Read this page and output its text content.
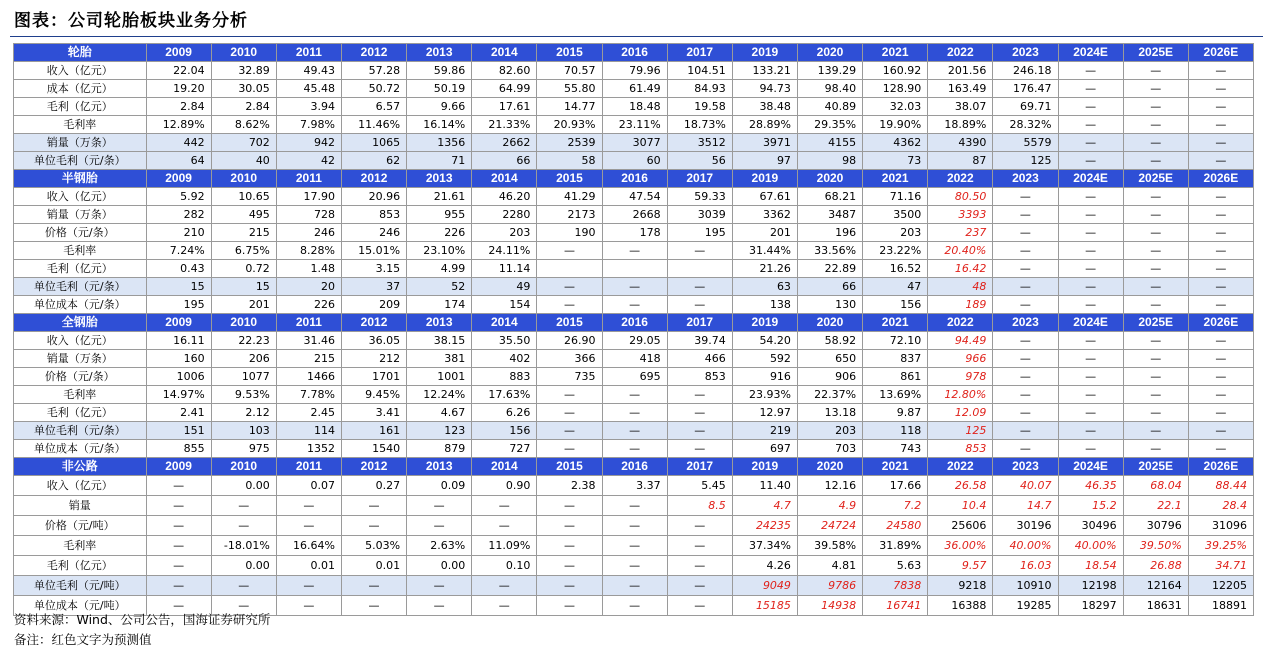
图表：公司轮胎板块业务分析
轮胎	2009	2010	2011	2012	2013	2014	2015	2016	2017	2019	2020	2021	2022	2023	2024E	2025E	2026E
收入（亿元）	22.04	32.89	49.43	57.28	59.86	82.60	70.57	79.96	104.51	133.21	139.29	160.92	201.56	246.18	—	—	—
成本（亿元）	19.20	30.05	45.48	50.72	50.19	64.99	55.80	61.49	84.93	94.73	98.40	128.90	163.49	176.47	—	—	—
毛利（亿元）	2.84	2.84	3.94	6.57	9.66	17.61	14.77	18.48	19.58	38.48	40.89	32.03	38.07	69.71	—	—	—
毛利率	12.89%	8.62%	7.98%	11.46%	16.14%	21.33%	20.93%	23.11%	18.73%	28.89%	29.35%	19.90%	18.89%	28.32%	—	—	—
销量（万条）	442	702	942	1065	1356	2662	2539	3077	3512	3971	4155	4362	4390	5579	—	—	—
单位毛利（元/条）	64	40	42	62	71	66	58	60	56	97	98	73	87	125	—	—	—
半钢胎	2009	2010	2011	2012	2013	2014	2015	2016	2017	2019	2020	2021	2022	2023	2024E	2025E	2026E
收入（亿元）	5.92	10.65	17.90	20.96	21.61	46.20	41.29	47.54	59.33	67.61	68.21	71.16	80.50	—	—	—	—
销量（万条）	282	495	728	853	955	2280	2173	2668	3039	3362	3487	3500	3393	—	—	—	—
价格（元/条）	210	215	246	246	226	203	190	178	195	201	196	203	237	—	—	—	—
毛利率	7.24%	6.75%	8.28%	15.01%	23.10%	24.11%	—	—	—	31.44%	33.56%	23.22%	20.40%	—	—	—	—
毛利（亿元）	0.43	0.72	1.48	3.15	4.99	11.14				21.26	22.89	16.52	16.42	—	—	—	—
单位毛利（元/条）	15	15	20	37	52	49	—	—	—	63	66	47	48	—	—	—	—
单位成本（元/条）	195	201	226	209	174	154	—	—	—	138	130	156	189	—	—	—	—
全钢胎	2009	2010	2011	2012	2013	2014	2015	2016	2017	2019	2020	2021	2022	2023	2024E	2025E	2026E
收入（亿元）	16.11	22.23	31.46	36.05	38.15	35.50	26.90	29.05	39.74	54.20	58.92	72.10	94.49	—	—	—	—
销量（万条）	160	206	215	212	381	402	366	418	466	592	650	837	966	—	—	—	—
价格（元/条）	1006	1077	1466	1701	1001	883	735	695	853	916	906	861	978	—	—	—	—
毛利率	14.97%	9.53%	7.78%	9.45%	12.24%	17.63%	—	—	—	23.93%	22.37%	13.69%	12.80%	—	—	—	—
毛利（亿元）	2.41	2.12	2.45	3.41	4.67	6.26	—	—	—	12.97	13.18	9.87	12.09	—	—	—	—
单位毛利（元/条）	151	103	114	161	123	156	—	—	—	219	203	118	125	—	—	—	—
单位成本（元/条）	855	975	1352	1540	879	727	—	—	—	697	703	743	853	—	—	—	—
非公路	2009	2010	2011	2012	2013	2014	2015	2016	2017	2019	2020	2021	2022	2023	2024E	2025E	2026E
收入（亿元）	—	0.00	0.07	0.27	0.09	0.90	2.38	3.37	5.45	11.40	12.16	17.66	26.58	40.07	46.35	68.04	88.44
销量	—	—	—	—	—	—	—	—	8.5	4.7	4.9	7.2	10.4	14.7	15.2	22.1	28.4
价格（元/吨）	—	—	—	—	—	—	—	—	—	24235	24724	24580	25606	30196	30496	30796	31096
毛利率	—	-18.01%	16.64%	5.03%	2.63%	11.09%	—	—	—	37.34%	39.58%	31.89%	36.00%	40.00%	40.00%	39.50%	39.25%
毛利（亿元）	—	0.00	0.01	0.01	0.00	0.10	—	—	—	4.26	4.81	5.63	9.57	16.03	18.54	26.88	34.71
单位毛利（元/吨）	—	—	—	—	—	—	—	—	—	9049	9786	7838	9218	10910	12198	12164	12205
单位成本（元/吨）	—	—	—	—	—	—	—	—	—	15185	14938	16741	16388	19285	18297	18631	18891
资料来源：Wind、公司公告，国海证券研究所
备注：红色文字为预测值
